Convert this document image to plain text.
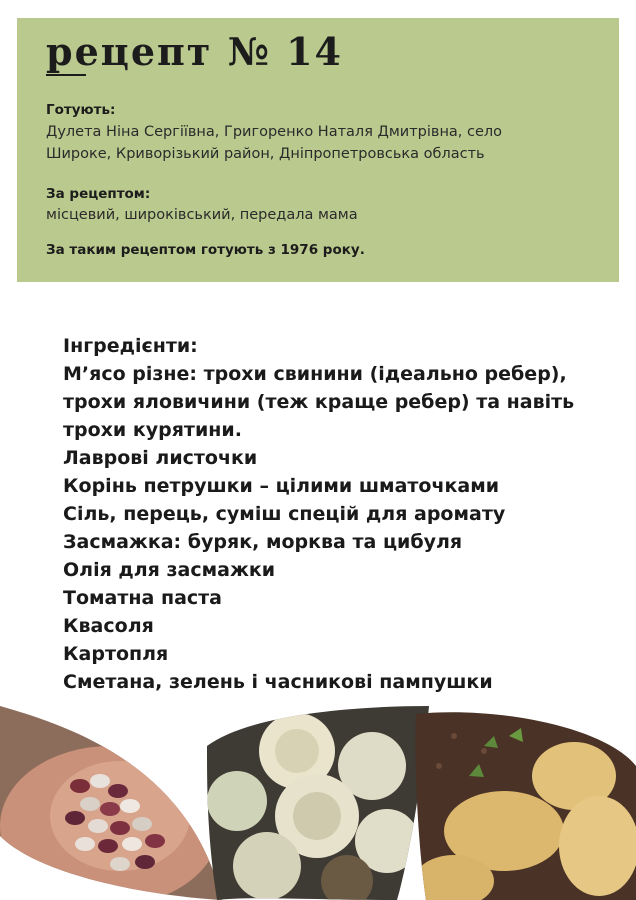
рецепт № 14
Готують:
Дулета Ніна Сергіївна, Григоренко Наталя Дмитрівна, село
Широке, Криворізький район, Дніпропетровська область
За рецептом:
місцевий, широківський, передала мама
За таким рецептом готують з 1976 року.
Інгредієнти:
М’ясо різне: трохи свинини (ідеально ребер),
трохи яловичини (теж краще ребер) та навіть
трохи курятини.
Лаврові листочки
Корінь петрушки – цілими шматочками
Сіль, перець, суміш спецій для аромату
Засмажка: буряк, морква та цибуля
Олія для засмажки
Томатна паста
Квасоля
Картопля
Сметана, зелень і часникові пампушки
